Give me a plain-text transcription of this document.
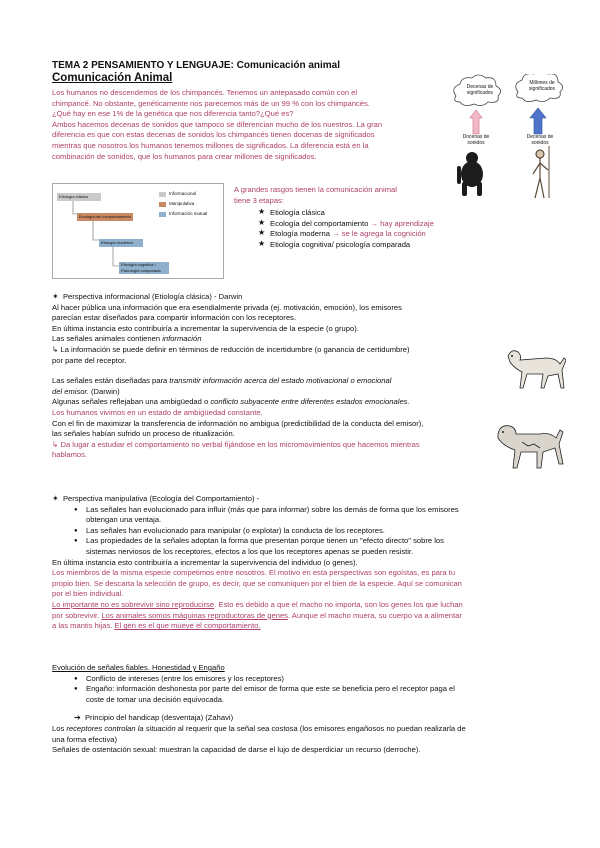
TEMA 2 PENSAMIENTO Y LENGUAJE: Comunicación animal
Comunicación Animal
Los humanos no descendemos de los chimpancés. Tenemos un antepasado común con el
chimpancé. No obstante, genéticamente nos parecemos más de un 99 % con los chimpancés.
¿Qué hay en ese 1% de la genética que nos diferencia tanto?¿Qué es?
Ambos hacemos decenas de sonidos que tampoco se diferencian mucho de los nuestros. La gran
diferencia es que con estas decenas de sonidos los chimpancés tienen docenas de significados
mientras que nosotros los humanos tenemos millones de significados. La diferencia está en la
combinación de sonidos, que los humanos para crear millones de significados.
Decenas de significados
Millones de significados
Docenas de sonidos
Decenas de sonidos
Etiología clásica
Ecología del comportamiento
Etología moderna
Etiología cognitiva / Psicología comparada
Informacional
Manipulativa
Información mutual
A grandes rasgos tienen la comunicación animal
tiene 3 etapas:
★ Etiología clásica
★ Ecología del comportamiento → hay aprendizaje
★ Etología moderna → se le agrega la cognición
★ Etiología cognitiva/ psicología comparada
✶ Perspectiva informacional (Etiología clásica) - Darwin
Al hacer pública una información que era esendialmente privada (ej. motivación, emoción), los emisores
parecían estar diseñados para compartir información con los receptores.
En última instancia esto contribuiría a incrementar la supervivencia de la especie (o grupo).
Las señales animales contienen información
↳ La información se puede definir en términos de reducción de incertidumbre (o ganancia de certidumbre)
por parte del receptor.
Las señales están diseñadas para transmitir información acerca del estado motivacional o emocional
del emisor. (Darwin)
Algunas señales reflejaban una ambigüedad o conflicto subyacente entre diferentes estados emocionales.
Los humanos vivimos en un estado de ambigüedad constante.
Con el fin de maximizar la transferencia de información no ambigua (predictibilidad de la conducta del emisor),
las señales habían sufrido un proceso de ritualización.
↳ Da lugar a estudiar el comportamiento no verbal fijándose en los micromovimientos que hacemos mientras
hablamos.
✶ Perspectiva manipulativa (Ecología del Comportamiento) -
● Las señales han evolucionado para influir (más que para informar) sobre los demás de forma que los emisores
obtengan una ventaja.
● Las señales han evolucionado para manipular (o explotar) la conducta de los receptores.
● Las propiedades de la señales adoptan la forma que presentan porque tienen un "efecto directo" sobre los
sistemas nerviosos de los receptores, efectos a los que los receptores apenas se pueden resistir.
En última instancia esto contribuiría a incrementar la supervivencia del individuo (o genes).
Los miembros de la misma especie competimos entre nosotros. El motivo en esta perspectivas son egoístas, es para tu
propio bien. Se descarta la selección de grupo, es decir, que se comuniquen por el bien de la especie. Aquí se comunican
por el bien individual.
Lo importante no es sobrevivir sino reproducirse. Esto es debido a que el macho no importa, son los genes los que luchan
por sobrevivir. Los animales somos máquinas reproductoras de genes. Aunque el macho muera, su cuerpo va a alimentar
a las mantis hijas. El gen es el que mueve el comportamiento.
Evolución de señales fiables. Honestidad y Engaño
● Conflicto de intereses (entre los emisores y los receptores)
● Engaño: información deshonesta por parte del emisor de forma que este se beneficia pero el receptor paga el
coste de tomar una decisión equivocada.
➔ Principio del handicap (desventaja) (Zahavi)
Los receptores controlan la situación al requerir que la señal sea costosa (los emisores engañosos no puedan realizarla de
una forma efectiva)
Señales de ostentación sexual: muestran la capacidad de darse el lujo de desperdiciar un recurso (derroche).
